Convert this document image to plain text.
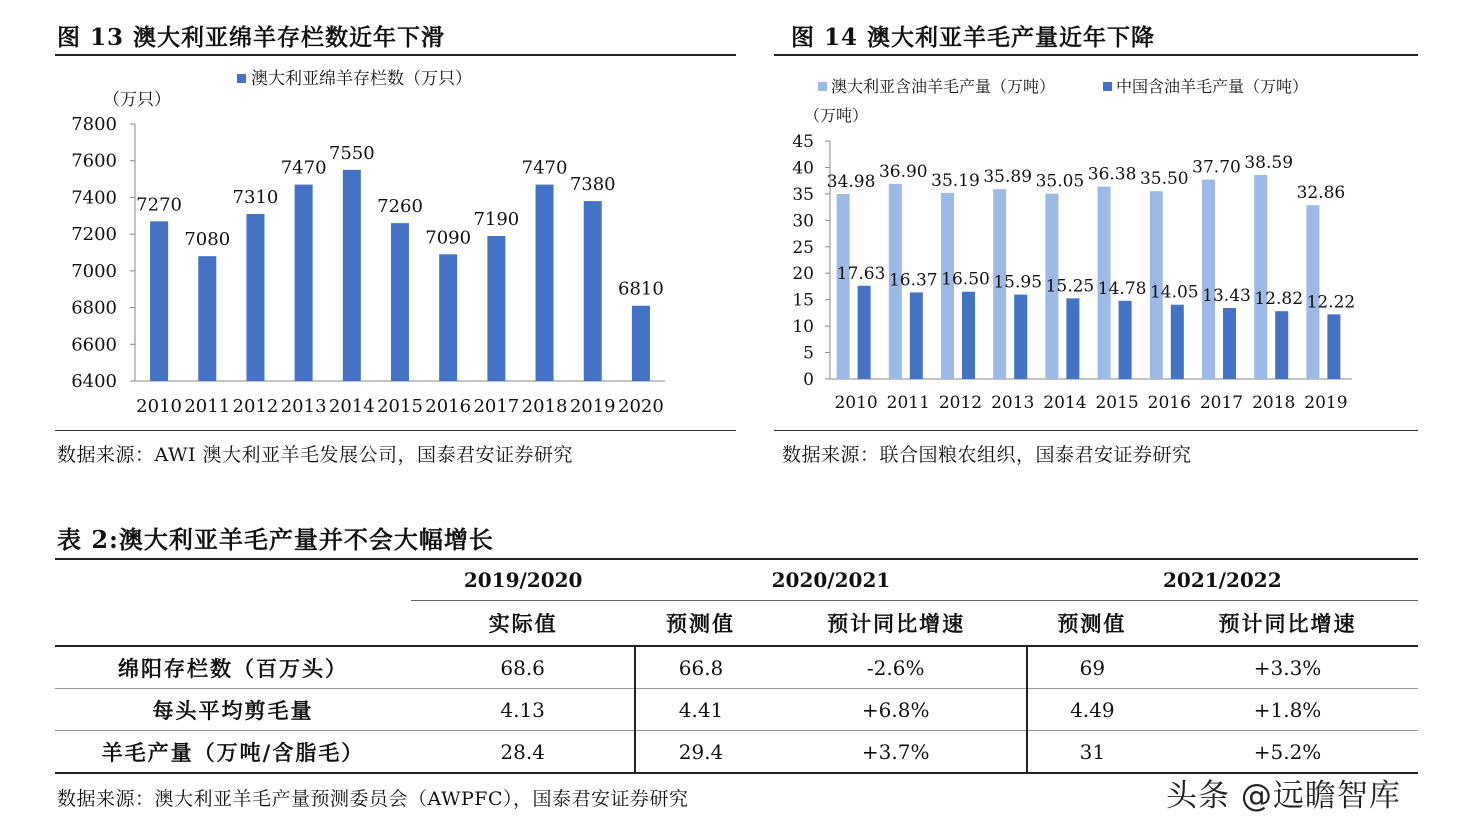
图 13 澳大利亚绵羊存栏数近年下滑
澳大利亚绵羊存栏数（万只）
（万只）
7270
7080
7310
7470
7550
7260
7090
7190
7470
7380
6810
2010 2011 2012 2013 2014 2015 2016 2017 2018 2019 2020
6400
6600
6800
7000
7200
7400
7600
7800
数据来源：AWI 澳大利亚羊毛发展公司，国泰君安证券研究
图 14 澳大利亚羊毛产量近年下降
澳大利亚含油羊毛产量（万吨）	中国含油羊毛产量（万吨）
（万吨）
34.98
17.63
36.90
16.37
35.19
16.50
35.89
15.95
35.05
15.25
36.38
14.78
35.50
14.05
37.70
13.43
38.59
12.82
32.86
12.22
2010 2011 2012 2013 2014 2015 2016 2017 2018 2019
0
5
10
15
20
25
30
35
40
45
数据来源：联合国粮农组织，国泰君安证券研究
表 2:澳大利亚羊毛产量并不会大幅增长
	2019/2020	2020/2021		2021/2022	
	实际值	预测值	预计同比增速	预测值	预计同比增速
绵阳存栏数（百万头）	68.6	66.8	-2.6%	69	+3.3%
每头平均剪毛量	4.13	4.41	+6.8%	4.49	+1.8%
羊毛产量（万吨/含脂毛）	28.4	29.4	+3.7%	31	+5.2%
数据来源：澳大利亚羊毛产量预测委员会（AWPFC），国泰君安证券研究	头条 @远瞻智库
